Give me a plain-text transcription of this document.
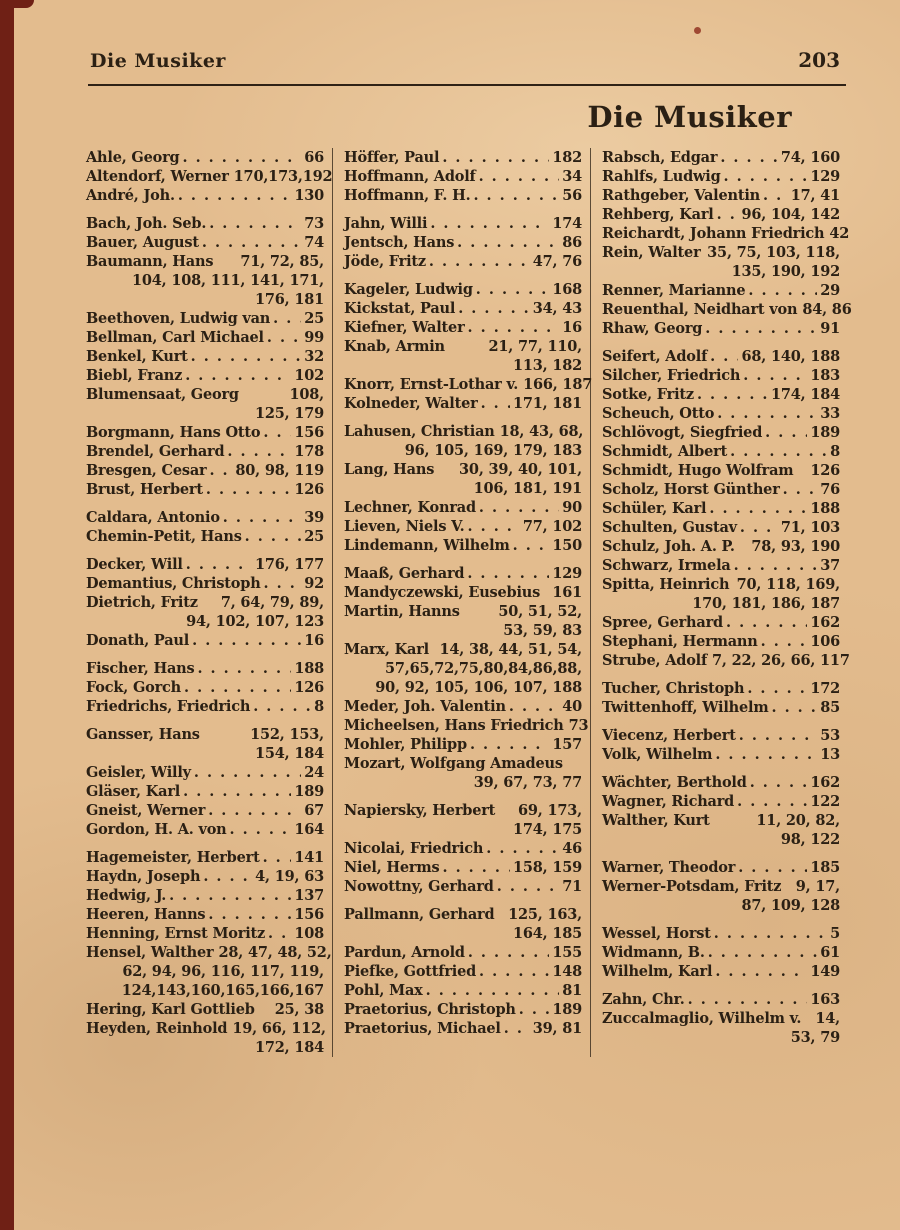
Die Musiker	203
Die Musiker
Ahle, Georg . . .	66
Altendorf, Werner 170,173,192
André, Joh. . . .	130
Bach, Joh. Seb. . . .	73
Bauer, August . . .	74
Baumann, Hans 71, 72, 85,
104, 108, 111, 141, 171,
176, 181
Beethoven, Ludwig van . . . 25
Bellman, Carl Michael . . .	99
Benkel, Kurt . . .	32
Biebl, Franz . . .	102
Blumensaat, Georg	108,
125, 179
Borgmann, Hans Otto . . . 156
Brendel, Gerhard . . .	178
Bresgen, Cesar . . . 80, 98, 119
Brust, Herbert . . .	126
Caldara, Antonio . . .	39
Chemin-Petit, Hans . . .	25
Decker, Will . . .	176, 177
Demantius, Christoph . . .	92
Dietrich, Fritz 7, 64, 79, 89,
94, 102, 107, 123
Donath, Paul . . .	16
Fischer, Hans . . .	188
Fock, Gorch . . .	126
Friedrichs, Friedrich . . .	8
Gansser, Hans	152, 153,
154, 184
Geisler, Willy . . .	24
Gläser, Karl . . .	189
Gneist, Werner . . .	67
Gordon, H. A. von . . .	164
Hagemeister, Herbert . . . 141
Haydn, Joseph . . .	4, 19, 63
Hedwig, J. . . .	137
Heeren, Hanns . . .	156
Henning, Ernst Moritz . . . 108
Hensel, Walther 28, 47, 48, 52,
62, 94, 96, 116, 117, 119,
124,143,160,165,166,167
Hering, Karl Gottlieb 25, 38
Heyden, Reinhold 19, 66, 112,
172, 184
Höffer, Paul . . .	182
Hoffmann, Adolf . . .	34
Hoffmann, F. H. . . .	56
Jahn, Willi . . .	174
Jentsch, Hans . . .	86
Jöde, Fritz . . .	47, 76
Kageler, Ludwig . . .	168
Kickstat, Paul . . .	34, 43
Kiefner, Walter . . .	16
Knab, Armin	21, 77, 110,
113, 182
Knorr, Ernst-Lothar v. 166, 187
Kolneder, Walter . . . 171, 181
Lahusen, Christian 18, 43, 68,
96, 105, 169, 179, 183
Lang, Hans 30, 39, 40, 101,
106, 181, 191
Lechner, Konrad . . .	90
Lieven, Niels V. . . .	77, 102
Lindemann, Wilhelm . . .	150
Maaß, Gerhard . . .	129
Mandyczewski, Eusebius 161
Martin, Hanns	50, 51, 52,
53, 59, 83
Marx, Karl 14, 38, 44, 51, 54,
57,65,72,75,80,84,86,88,
90, 92, 105, 106, 107, 188
Meder, Joh. Valentin . . .	40
Micheelsen, Hans Friedrich 73
Mohler, Philipp . . .	157
Mozart, Wolfgang Amadeus
39, 67, 73, 77
Napiersky, Herbert 69, 173,
174, 175
Nicolai, Friedrich . . .	46
Niel, Herms . . .	158, 159
Nowottny, Gerhard . . .	71
Pallmann, Gerhard 125, 163,
164, 185
Pardun, Arnold . . .	155
Piefke, Gottfried . . .	148
Pohl, Max . . .	81
Praetorius, Christoph . . .	189
Praetorius, Michael . . . 39, 81
Rabsch, Edgar . . .	74, 160
Rahlfs, Ludwig . . .	129
Rathgeber, Valentin . . . 17, 41
Rehberg, Karl . . . 96, 104, 142
Reichardt, Johann Friedrich 42
Rein, Walter 35, 75, 103, 118,
135, 190, 192
Renner, Marianne . . .	29
Reuenthal, Neidhart von 84, 86
Rhaw, Georg . . .	91
Seifert, Adolf . . . 68, 140, 188
Silcher, Friedrich . . .	183
Sotke, Fritz . . .	174, 184
Scheuch, Otto . . .	33
Schlövogt, Siegfried . . .	189
Schmidt, Albert . . .	8
Schmidt, Hugo Wolfram 126
Scholz, Horst Günther . . .	76
Schüler, Karl . . .	188
Schulten, Gustav . . .	71, 103
Schulz, Joh. A. P. 78, 93, 190
Schwarz, Irmela . . .	37
Spitta, Heinrich 70, 118, 169,
170, 181, 186, 187
Spree, Gerhard . . .	162
Stephani, Hermann . . .	106
Strube, Adolf 7, 22, 26, 66, 117
Tucher, Christoph . . .	172
Twittenhoff, Wilhelm . . .	85
Viecenz, Herbert . . .	53
Volk, Wilhelm . . .	13
Wächter, Berthold . . .	162
Wagner, Richard . . .	122
Walther, Kurt	11, 20, 82,
98, 122
Warner, Theodor . . .	185
Werner-Potsdam, Fritz 9, 17,
87, 109, 128
Wessel, Horst . . .	5
Widmann, B. . . .	61
Wilhelm, Karl . . .	149
Zahn, Chr. . . .	163
Zuccalmaglio, Wilhelm v. 14,
53, 79
